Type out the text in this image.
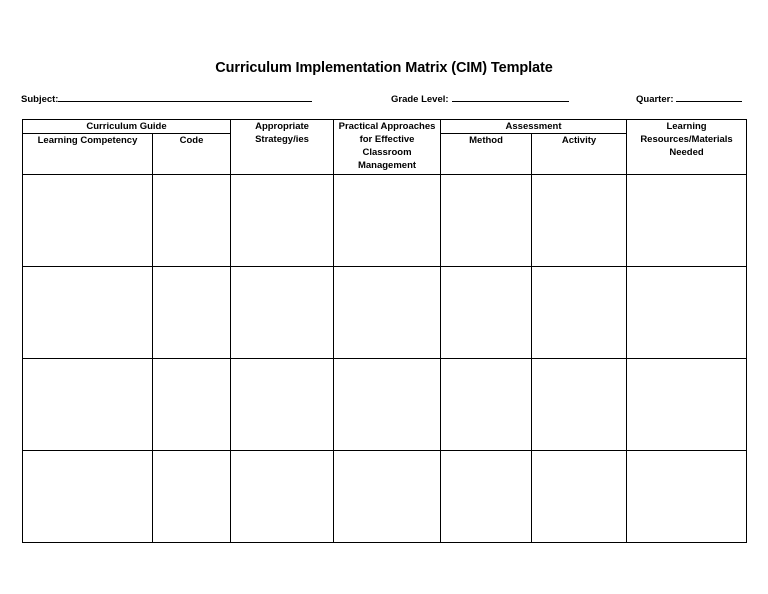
Curriculum Implementation Matrix (CIM) Template
Subject:	Grade Level:	Quarter:
Curriculum Guide		Appropriate Strategy/ies	Practical Approaches for Effective Classroom Management	Assessment		Learning Resources/Materials Needed
Learning Competency	Code			Method	Activity	
